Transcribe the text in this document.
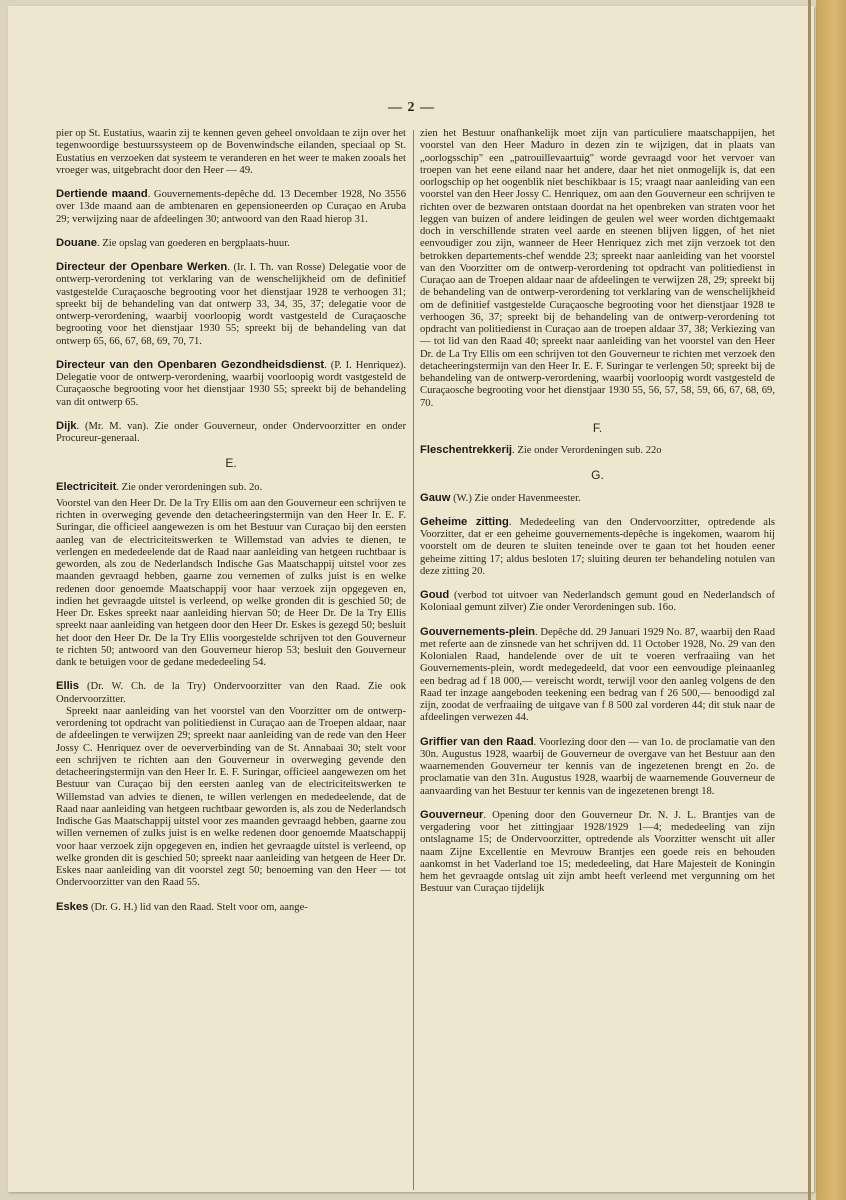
— 2 —

pier op St. Eustatius, waarin zij te kennen geven geheel onvoldaan te zijn over het tegenwoordige bestuurssysteem op de Bovenwindsche eilanden, speciaal op St. Eustatius en verzoeken dat systeem te veranderen en het weer te maken zooals het vroeger was, uitgebracht door den Heer — 49.

Dertiende maand. Gouvernements-depêche dd. 13 December 1928, No 3556 over 13de maand aan de ambtenaren en gepensioneerden op Curaçao en Aruba 29; verwijzing naar de afdeelingen 30; antwoord van den Raad hierop 31.

Douane. Zie opslag van goederen en bergplaats-huur.

Directeur der Openbare Werken. (Ir. I. Th. van Rosse) Delegatie voor de ontwerp-verordening tot verklaring van de wenschelijkheid om de definitief vastgestelde Curaçaosche begrooting voor het dienstjaar 1928 te verhoogen 31; spreekt bij de behandeling van dat ontwerp 33, 34, 35, 37; delegatie voor de ontwerp-verordening, waarbij voorloopig wordt vastgesteld de Curaçaosche begrooting voor het dienstjaar 1930 55; spreekt bij de behandeling van dat ontwerp 65, 66, 67, 68, 69, 70, 71.

Directeur van den Openbaren Gezondheidsdienst. (P. I. Henriquez). Delegatie voor de ontwerp-verordening, waarbij voorloopig wordt vastgesteld de Curaçaosche begrooting voor het dienstjaar 1930 55; spreekt bij de behandeling van dit ontwerp 65.

Dijk. (Mr. M. van). Zie onder Gouverneur, onder Ondervoorzitter en onder Procureur-generaal.

E.

Electriciteit. Zie onder verordeningen sub. 2o.

Voorstel van den Heer Dr. De la Try Ellis om aan den Gouverneur een schrijven te richten in overweging gevende den detacheeringstermijn van den Heer Ir. E. F. Suringar, die officieel aangewezen is om het Bestuur van Curaçao bij den eersten aanleg van de electriciteitswerken te Willemstad van advies te dienen, te verlengen en mededeelende dat de Raad naar aanleiding van hetgeen ruchtbaar is geworden, als zou de Nederlandsch Indische Gas Maatschappij uitstel voor zes maanden gevraagd hebben, gaarne zou vernemen of zulks juist is en welke redenen door genoemde Maatschappij voor haar verzoek zijn opgegeven en, indien het gevraagde uitstel is verleend, op welke gronden dit is geschied 50; de Heer Dr. Eskes spreekt naar aanleiding hiervan 50; de Heer Dr. De la Try Ellis spreekt naar aanleiding van hetgeen door den Heer Dr. Eskes is gezegd 50; besluit het door den Heer Dr. De la Try Ellis voorgestelde schrijven tot den Gouverneur te richten 50; antwoord van den Gouverneur hierop 53; besluit den Gouverneur dank te betuigen voor de gedane mededeeling 54.

Ellis (Dr. W. Ch. de la Try) Ondervoorzitter van den Raad. Zie ook Ondervoorzitter.

Spreekt naar aanleiding van het voorstel van den Voorzitter om de ontwerp-verordening tot opdracht van politiedienst in Curaçao aan de Troepen aldaar, naar de afdeelingen te verwijzen 29; spreekt naar aanleiding van de rede van den Heer Jossy C. Henriquez over de oeververbinding van de St. Annabaai 30; stelt voor een schrijven te richten aan den Gouverneur in overweging gevende den detacheeringstermijn van den Heer Ir. E. F. Suringar, officieel aangewezen om het Bestuur van Curaçao bij den eersten aanleg van de electriciteitswerken te Willemstad van advies te dienen, te willen verlengen en mededeelende, dat de Raad naar aanleiding van hetgeen ruchtbaar geworden is, als zou de Nederlandsch Indische Gas Maatschappij uitstel voor zes maanden gevraagd hebben, gaarne zou willen vernemen of zulks juist is en welke redenen door genoemde Maatschappij voor haar verzoek zijn opgegeven en, indien het gevraagde uitstel is verleend, op welke gronden dit is geschied 50; spreekt naar aanleiding van hetgeen de Heer Dr. Eskes naar aanleiding van dit voorstel zegt 50; benoeming van den Heer — tot Ondervoorzitter van den Raad 55.

Eskes (Dr. G. H.) lid van den Raad. Stelt voor om, aange-

zien het Bestuur onafhankelijk moet zijn van particuliere maatschappijen, het voorstel van den Heer Maduro in dezen zin te wijzigen, dat in plaats van „oorlogsschip" een „patrouillevaartuig" worde gevraagd voor het vervoer van troepen van het eene eiland naar het andere, daar het niet onmogelijk is, dat een oorlogschip op het oogenblik niet beschikbaar is 15; vraagt naar aanleiding van een voorstel van den Heer Jossy C. Henriquez, om aan den Gouverneur een schrijven te richten over de bezwaren ontstaan doordat na het openbreken van straten voor het leggen van buizen of andere leidingen de geulen wel weer worden dichtgemaakt doch in verschillende straten veel aarde en steenen blijven liggen, of het niet eenvoudiger zou zijn, wanneer de Heer Henriquez zich met zijn verzoek tot den betrokken departements-chef wendde 23; spreekt naar aanleiding van het voorstel van den Voorzitter om de ontwerp-verordening tot opdracht van politiedienst in Curaçao aan de Troepen aldaar naar de afdeelingen te verwijzen 28, 29; spreekt bij de behandeling van de ontwerp-verordening tot verklaring van de wenschelijkheid om de definitief vastgestelde Curaçaosche begrooting voor het dienstjaar 1928 te verhoogen 36, 37; spreekt bij de behandeling van de ontwerp-verordening tot opdracht van politiedienst in Curaçao aan de troepen aldaar 37, 38; Verkiezing van — tot lid van den Raad 40; spreekt naar aanleiding van het voorstel van den Heer Dr. de La Try Ellis om een schrijven tot den Gouverneur te richten met verzoek den detacheeringstermijn van den Heer Ir. E. F. Suringar te verlengen 50; spreekt bij de behandeling van de ontwerp-verordening, waarbij voorloopig wordt vastgesteld de Curaçaosche begrooting voor het dienstjaar 1930 55, 56, 57, 58, 59, 66, 67, 68, 69, 70.

F.

Fleschentrekkerij. Zie onder Verordeningen sub. 22o

G.

Gauw (W.) Zie onder Havenmeester.

Geheime zitting. Mededeeling van den Ondervoorzitter, optredende als Voorzitter, dat er een geheime gouvernements-depêche is ingekomen, waarom hij voorstelt om de deuren te sluiten teneinde over te gaan tot het houden eener geheime zitting 17; aldus besloten 17; sluiting deuren ter behandeling notulen van deze zitting 20.

Goud (verbod tot uitvoer van Nederlandsch gemunt goud en Nederlandsch of Koloniaal gemunt zilver) Zie onder Verordeningen sub. 16o.

Gouvernements-plein. Depêche dd. 29 Januari 1929 No. 87, waarbij den Raad met referte aan de zinsnede van het schrijven dd. 11 October 1928, No. 29 van den Kolonialen Raad, handelende over de uit te voeren verfraaiing van het Gouvernements-plein, wordt medegedeeld, dat voor een eenvoudige pleinaanleg een bedrag ad f 18 000,— vereischt wordt, terwijl voor den aanleg volgens de den Raad ter inzage aangeboden teekening een bedrag van f 26 500,— benoodigd zal zijn, zoodat de verfraaiing de uitgave van f 8 500 zal vorderen 44; dit stuk naar de afdeelingen verwezen 44.

Griffier van den Raad. Voorlezing door den — van 1o. de proclamatie van den 30n. Augustus 1928, waarbij de Gouverneur de overgave van het Bestuur aan den waarnemenden Gouverneur ter kennis van de ingezetenen brengt en 2o. de proclamatie van den 31n. Augustus 1928, waarbij de waarnemende Gouverneur de aanvaarding van het Bestuur ter kennis van de ingezetenen brengt 18.

Gouverneur. Opening door den Gouverneur Dr. N. J. L. Brantjes van de vergadering voor het zittingjaar 1928/1929 1—4; mededeeling van zijn ontslagname 15; de Ondervoorzitter, optredende als Voorzitter wenscht uit aller naam Zijne Excellentie en Mevrouw Brantjes een goede reis en behouden aankomst in het Vaderland toe 15; mededeeling, dat Hare Majesteit de Koningin hem het gevraagde ontslag uit zijn ambt heeft verleend met vergunning om het Bestuur van Curaçao tijdelijk
